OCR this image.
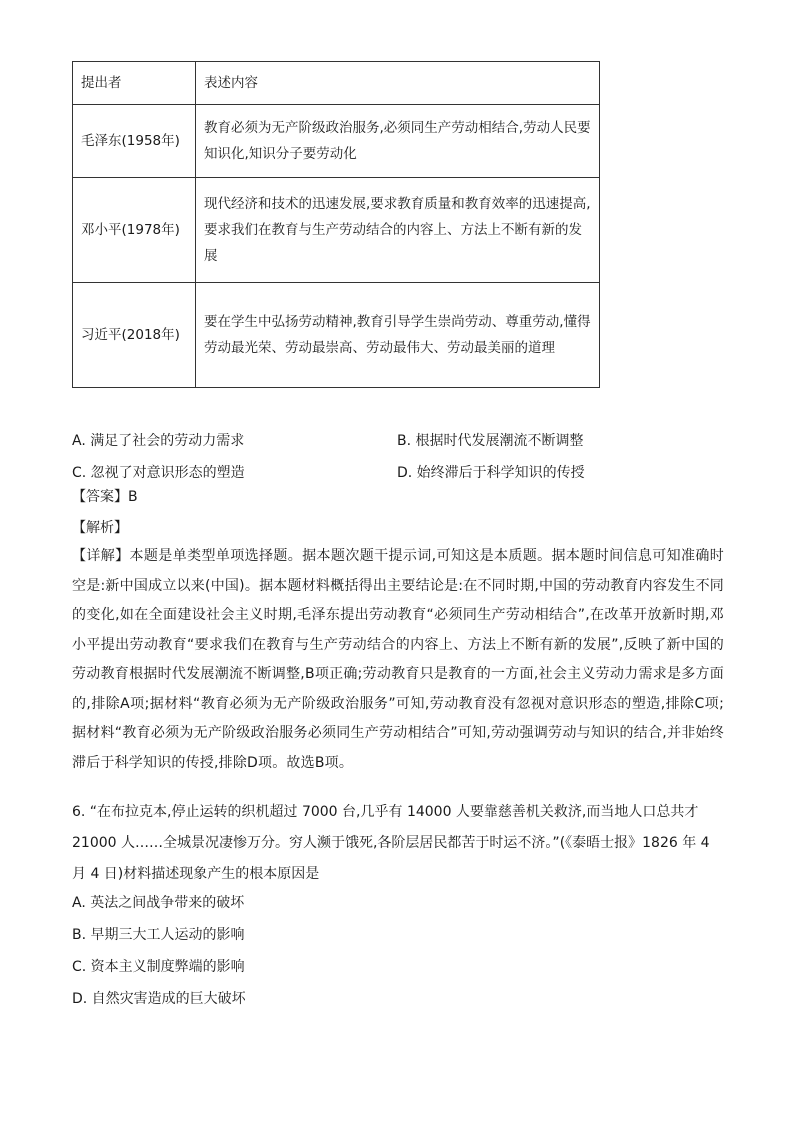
提出者	表述内容
毛泽东(1958年)	教育必须为无产阶级政治服务,必须同生产劳动相结合,劳动人民要知识化,知识分子要劳动化
邓小平(1978年)	现代经济和技术的迅速发展,要求教育质量和教育效率的迅速提高,要求我们在教育与生产劳动结合的内容上、方法上不断有新的发展
习近平(2018年)	要在学生中弘扬劳动精神,教育引导学生崇尚劳动、尊重劳动,懂得劳动最光荣、劳动最崇高、劳动最伟大、劳动最美丽的道理
A. 满足了社会的劳动力需求	B. 根据时代发展潮流不断调整
C. 忽视了对意识形态的塑造	D. 始终滞后于科学知识的传授
【答案】B
【解析】
【详解】本题是单类型单项选择题。据本题次题干提示词,可知这是本质题。据本题时间信息可知准确时空是:新中国成立以来(中国)。据本题材料概括得出主要结论是:在不同时期,中国的劳动教育内容发生不同的变化,如在全面建设社会主义时期,毛泽东提出劳动教育“必须同生产劳动相结合”,在改革开放新时期,邓小平提出劳动教育“要求我们在教育与生产劳动结合的内容上、方法上不断有新的发展”,反映了新中国的劳动教育根据时代发展潮流不断调整,B项正确;劳动教育只是教育的一方面,社会主义劳动力需求是多方面的,排除A项;据材料“教育必须为无产阶级政治服务”可知,劳动教育没有忽视对意识形态的塑造,排除C项;据材料“教育必须为无产阶级政治服务必须同生产劳动相结合”可知,劳动强调劳动与知识的结合,并非始终滞后于科学知识的传授,排除D项。故选B项。
6. “在布拉克本,停止运转的织机超过 7000 台,几乎有 14000 人要靠慈善机关救济,而当地人口总共才 21000 人……全城景况凄惨万分。穷人濒于饿死,各阶层居民都苦于时运不济。”(《泰晤士报》1826 年 4 月 4 日)材料描述现象产生的根本原因是
A. 英法之间战争带来的破坏
B. 早期三大工人运动的影响
C. 资本主义制度弊端的影响
D. 自然灾害造成的巨大破坏
